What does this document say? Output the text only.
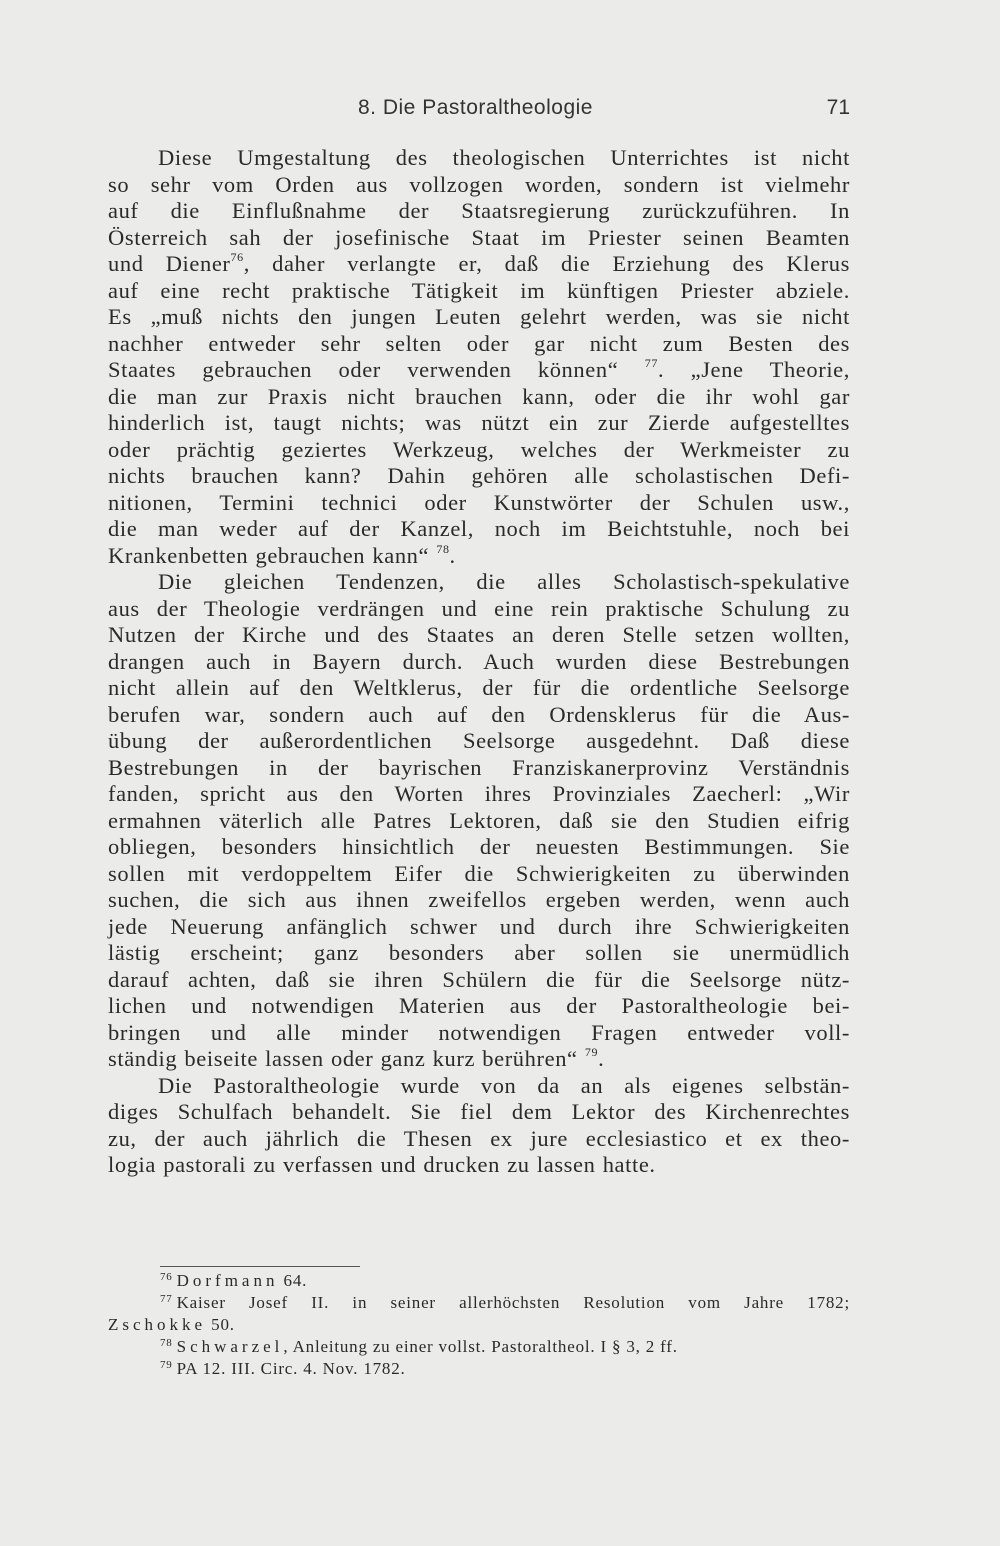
8. Die Pastoraltheologie	71
Diese Umgestaltung des theologischen Unterrichtes ist nicht
so sehr vom Orden aus vollzogen worden, sondern ist vielmehr
auf die Einflußnahme der Staatsregierung zurückzuführen. In
Österreich sah der josefinische Staat im Priester seinen Beamten
und Diener$^{76}$, daher verlangte er, daß die Erziehung des Klerus
auf eine recht praktische Tätigkeit im künftigen Priester abziele.
Es „muß nichts den jungen Leuten gelehrt werden, was sie nicht
nachher entweder sehr selten oder gar nicht zum Besten des
Staates gebrauchen oder verwenden können“ $^{77}$. „Jene Theorie,
die man zur Praxis nicht brauchen kann, oder die ihr wohl gar
hinderlich ist, taugt nichts; was nützt ein zur Zierde aufgestelltes
oder prächtig geziertes Werkzeug, welches der Werkmeister zu
nichts brauchen kann? Dahin gehören alle scholastischen Defi-
nitionen, Termini technici oder Kunstwörter der Schulen usw.,
die man weder auf der Kanzel, noch im Beichtstuhle, noch bei
Krankenbetten gebrauchen kann“ $^{78}$.
Die gleichen Tendenzen, die alles Scholastisch-spekulative
aus der Theologie verdrängen und eine rein praktische Schulung zu
Nutzen der Kirche und des Staates an deren Stelle setzen wollten,
drangen auch in Bayern durch. Auch wurden diese Bestrebungen
nicht allein auf den Weltklerus, der für die ordentliche Seelsorge
berufen war, sondern auch auf den Ordensklerus für die Aus-
übung der außerordentlichen Seelsorge ausgedehnt. Daß diese
Bestrebungen in der bayrischen Franziskanerprovinz Verständnis
fanden, spricht aus den Worten ihres Provinziales Zaecherl: „Wir
ermahnen väterlich alle Patres Lektoren, daß sie den Studien eifrig
obliegen, besonders hinsichtlich der neuesten Bestimmungen. Sie
sollen mit verdoppeltem Eifer die Schwierigkeiten zu überwinden
suchen, die sich aus ihnen zweifellos ergeben werden, wenn auch
jede Neuerung anfänglich schwer und durch ihre Schwierigkeiten
lästig erscheint; ganz besonders aber sollen sie unermüdlich
darauf achten, daß sie ihren Schülern die für die Seelsorge nütz-
lichen und notwendigen Materien aus der Pastoraltheologie bei-
bringen und alle minder notwendigen Fragen entweder voll-
ständig beiseite lassen oder ganz kurz berühren“ $^{79}$.
Die Pastoraltheologie wurde von da an als eigenes selbstän-
diges Schulfach behandelt. Sie fiel dem Lektor des Kirchenrechtes
zu, der auch jährlich die Thesen ex jure ecclesiastico et ex theo-
logia pastorali zu verfassen und drucken zu lassen hatte.
$^{76}$ Dorfmann 64.
$^{77}$ Kaiser Josef II. in seiner allerhöchsten Resolution vom Jahre 1782;
Zschokke 50.
$^{78}$ Schwarzel, Anleitung zu einer vollst. Pastoraltheol. I § 3, 2 ff.
$^{79}$ PA 12. III. Circ. 4. Nov. 1782.
